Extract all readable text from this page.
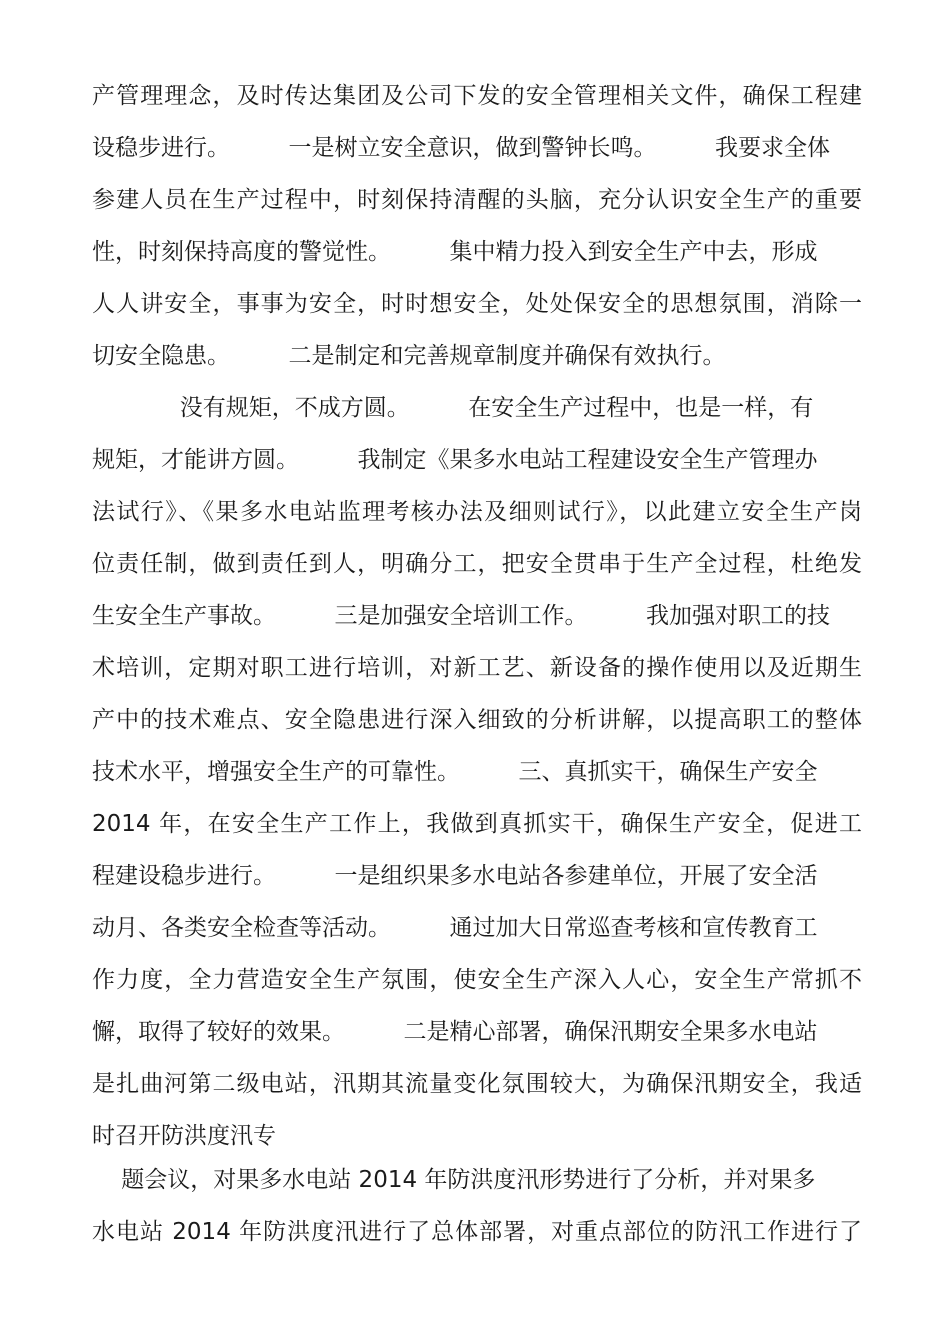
产管理理念，及时传达集团及公司下发的安全管理相关文件，确保工程建
设稳步进行。        一是树立安全意识，做到警钟长鸣。        我要求全体
参建人员在生产过程中，时刻保持清醒的头脑，充分认识安全生产的重要
性，时刻保持高度的警觉性。        集中精力投入到安全生产中去，形成
人人讲安全，事事为安全，时时想安全，处处保安全的思想氛围，消除一
切安全隐患。        二是制定和完善规章制度并确保有效执行。
没有规矩，不成方圆。        在安全生产过程中，也是一样，有
规矩，才能讲方圆。        我制定《果多水电站工程建设安全生产管理办
法试行》、《果多水电站监理考核办法及细则试行》，以此建立安全生产岗
位责任制，做到责任到人，明确分工，把安全贯串于生产全过程，杜绝发
生安全生产事故。        三是加强安全培训工作。        我加强对职工的技
术培训，定期对职工进行培训，对新工艺、新设备的操作使用以及近期生
产中的技术难点、安全隐患进行深入细致的分析讲解，以提高职工的整体
技术水平，增强安全生产的可靠性。        三、真抓实干，确保生产安全
2014 年，在安全生产工作上，我做到真抓实干，确保生产安全，促进工
程建设稳步进行。        一是组织果多水电站各参建单位，开展了安全活
动月、各类安全检查等活动。        通过加大日常巡查考核和宣传教育工
作力度，全力营造安全生产氛围，使安全生产深入人心，安全生产常抓不
懈，取得了较好的效果。        二是精心部署，确保汛期安全果多水电站
是扎曲河第二级电站，汛期其流量变化氛围较大，为确保汛期安全，我适
时召开防洪度汛专
题会议，对果多水电站 2014 年防洪度汛形势进行了分析，并对果多
水电站 2014 年防洪度汛进行了总体部署，对重点部位的防汛工作进行了
